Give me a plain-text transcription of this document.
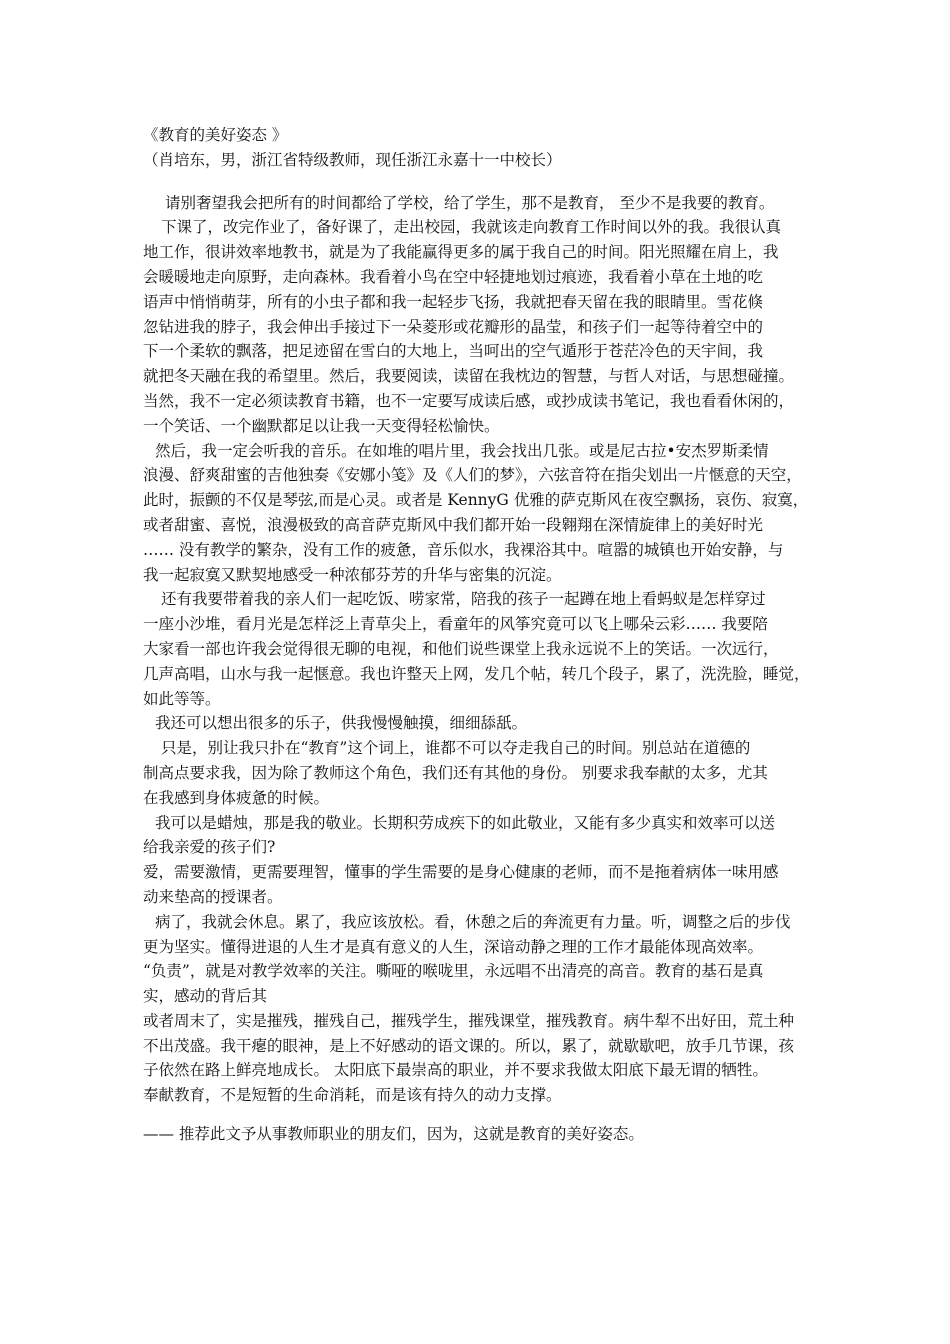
《教育的美好姿态 》
（肖培东，男，浙江省特级教师，现任浙江永嘉十一中校长）
请别奢望我会把所有的时间都给了学校，给了学生，那不是教育， 至少不是我要的教育。
下课了，改完作业了，备好课了，走出校园，我就该走向教育工作时间以外的我。我很认真
地工作，很讲效率地教书，就是为了我能赢得更多的属于我自己的时间。阳光照耀在肩上，我
会暖暖地走向原野，走向森林。我看着小鸟在空中轻捷地划过痕迹，我看着小草在土地的吃
语声中悄悄萌芽，所有的小虫子都和我一起轻步飞扬，我就把春天留在我的眼睛里。雪花倏
忽钻进我的脖子，我会伸出手接过下一朵菱形或花瓣形的晶莹，和孩子们一起等待着空中的
下一个柔软的飘落，把足迹留在雪白的大地上，当呵出的空气遁形于苍茫冷色的天宇间，我
就把冬天融在我的希望里。然后，我要阅读，读留在我枕边的智慧，与哲人对话，与思想碰撞。
当然，我不一定必须读教育书籍，也不一定要写成读后感，或抄成读书笔记，我也看看休闲的，
一个笑话、一个幽默都足以让我一天变得轻松愉快。
然后，我一定会听我的音乐。在如堆的唱片里，我会找出几张。或是尼古拉•安杰罗斯柔情
浪漫、舒爽甜蜜的吉他独奏《安娜小笺》及《人们的梦》，六弦音符在指尖划出一片惬意的天空，
此时，振颤的不仅是琴弦,而是心灵。或者是 KennyG 优雅的萨克斯风在夜空飘扬，哀伤、寂寞，
或者甜蜜、喜悦，浪漫极致的高音萨克斯风中我们都开始一段翱翔在深情旋律上的美好时光
…… 没有教学的繁杂，没有工作的疲惫，音乐似水，我裸浴其中。喧嚣的城镇也开始安静，与
我一起寂寞又默契地感受一种浓郁芬芳的升华与密集的沉淀。
还有我要带着我的亲人们一起吃饭、唠家常，陪我的孩子一起蹲在地上看蚂蚁是怎样穿过
一座小沙堆，看月光是怎样泛上青草尖上，看童年的风筝究竟可以飞上哪朵云彩…… 我要陪
大家看一部也许我会觉得很无聊的电视，和他们说些课堂上我永远说不上的笑话。一次远行，
几声高唱，山水与我一起惬意。我也许整天上网，发几个帖，转几个段子，累了，洗洗脸，睡觉，
如此等等。
我还可以想出很多的乐子，供我慢慢触摸，细细舔舐。
只是，别让我只扑在“教育”这个词上，谁都不可以夺走我自己的时间。别总站在道德的
制高点要求我，因为除了教师这个角色，我们还有其他的身份。 别要求我奉献的太多，尤其
在我感到身体疲惫的时候。
我可以是蜡烛，那是我的敬业。长期积劳成疾下的如此敬业，又能有多少真实和效率可以送
给我亲爱的孩子们?
爱，需要激情，更需要理智，懂事的学生需要的是身心健康的老师，而不是拖着病体一味用感
动来垫高的授课者。
病了，我就会休息。累了，我应该放松。看，休憩之后的奔流更有力量。听，调整之后的步伐
更为坚实。懂得进退的人生才是真有意义的人生，深谙动静之理的工作才最能体现高效率。
“负责”，就是对教学效率的关注。嘶哑的喉咙里，永远唱不出清亮的高音。教育的基石是真
实，感动的背后其
或者周末了，实是摧残，摧残自己，摧残学生，摧残课堂，摧残教育。病牛犁不出好田，荒土种
不出茂盛。我干瘪的眼神，是上不好感动的语文课的。所以，累了，就歇歇吧，放手几节课，孩
子依然在路上鲜亮地成长。 太阳底下最崇高的职业，并不要求我做太阳底下最无谓的牺牲。
奉献教育，不是短暂的生命消耗，而是该有持久的动力支撑。
—— 推荐此文予从事教师职业的朋友们，因为，这就是教育的美好姿态。
